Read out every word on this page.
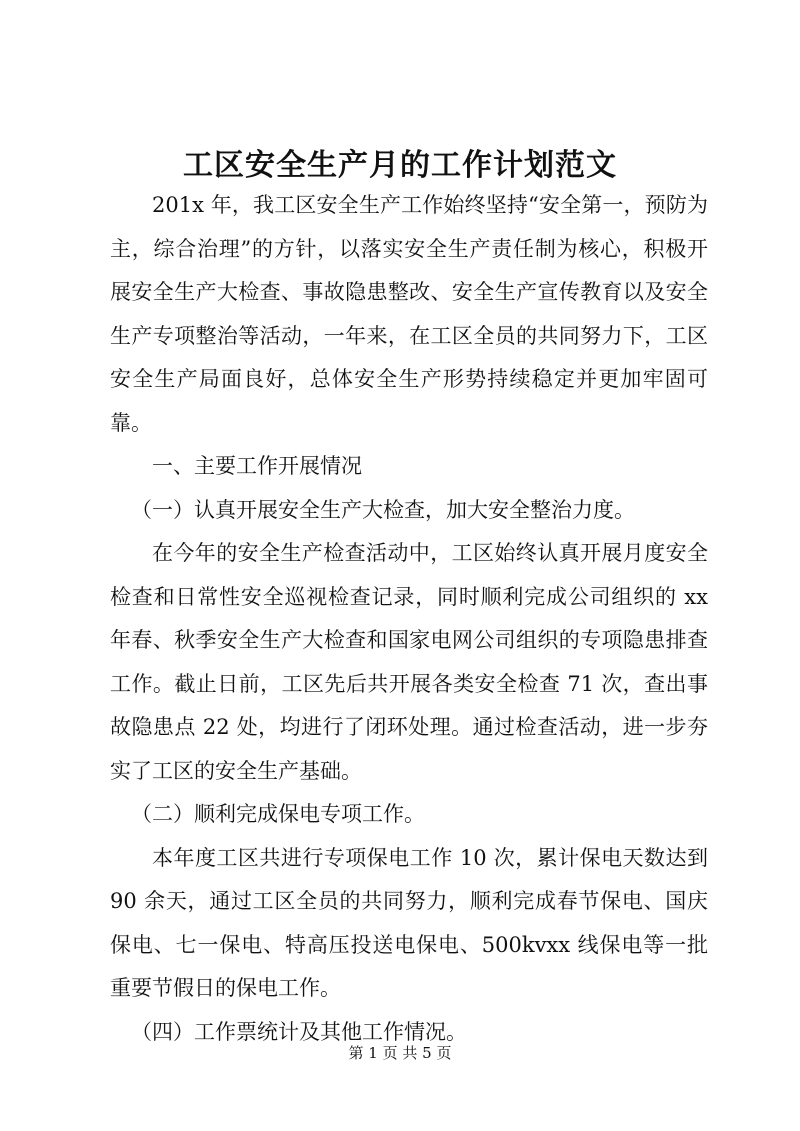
工区安全生产月的工作计划范文

201x 年，我工区安全生产工作始终坚持“安全第一，预防为主，综合治理”的方针，以落实安全生产责任制为核心，积极开展安全生产大检查、事故隐患整改、安全生产宣传教育以及安全生产专项整治等活动，一年来，在工区全员的共同努力下，工区安全生产局面良好，总体安全生产形势持续稳定并更加牢固可靠。

一、主要工作开展情况

（一）认真开展安全生产大检查，加大安全整治力度。

在今年的安全生产检查活动中，工区始终认真开展月度安全检查和日常性安全巡视检查记录，同时顺利完成公司组织的 xx 年春、秋季安全生产大检查和国家电网公司组织的专项隐患排查工作。截止日前，工区先后共开展各类安全检查 71 次，查出事故隐患点 22 处，均进行了闭环处理。通过检查活动，进一步夯实了工区的安全生产基础。

（二）顺利完成保电专项工作。

本年度工区共进行专项保电工作 10 次，累计保电天数达到 90 余天，通过工区全员的共同努力，顺利完成春节保电、国庆保电、七一保电、特高压投送电保电、500kvxx 线保电等一批重要节假日的保电工作。

（四）工作票统计及其他工作情况。

第 1 页 共 5 页
